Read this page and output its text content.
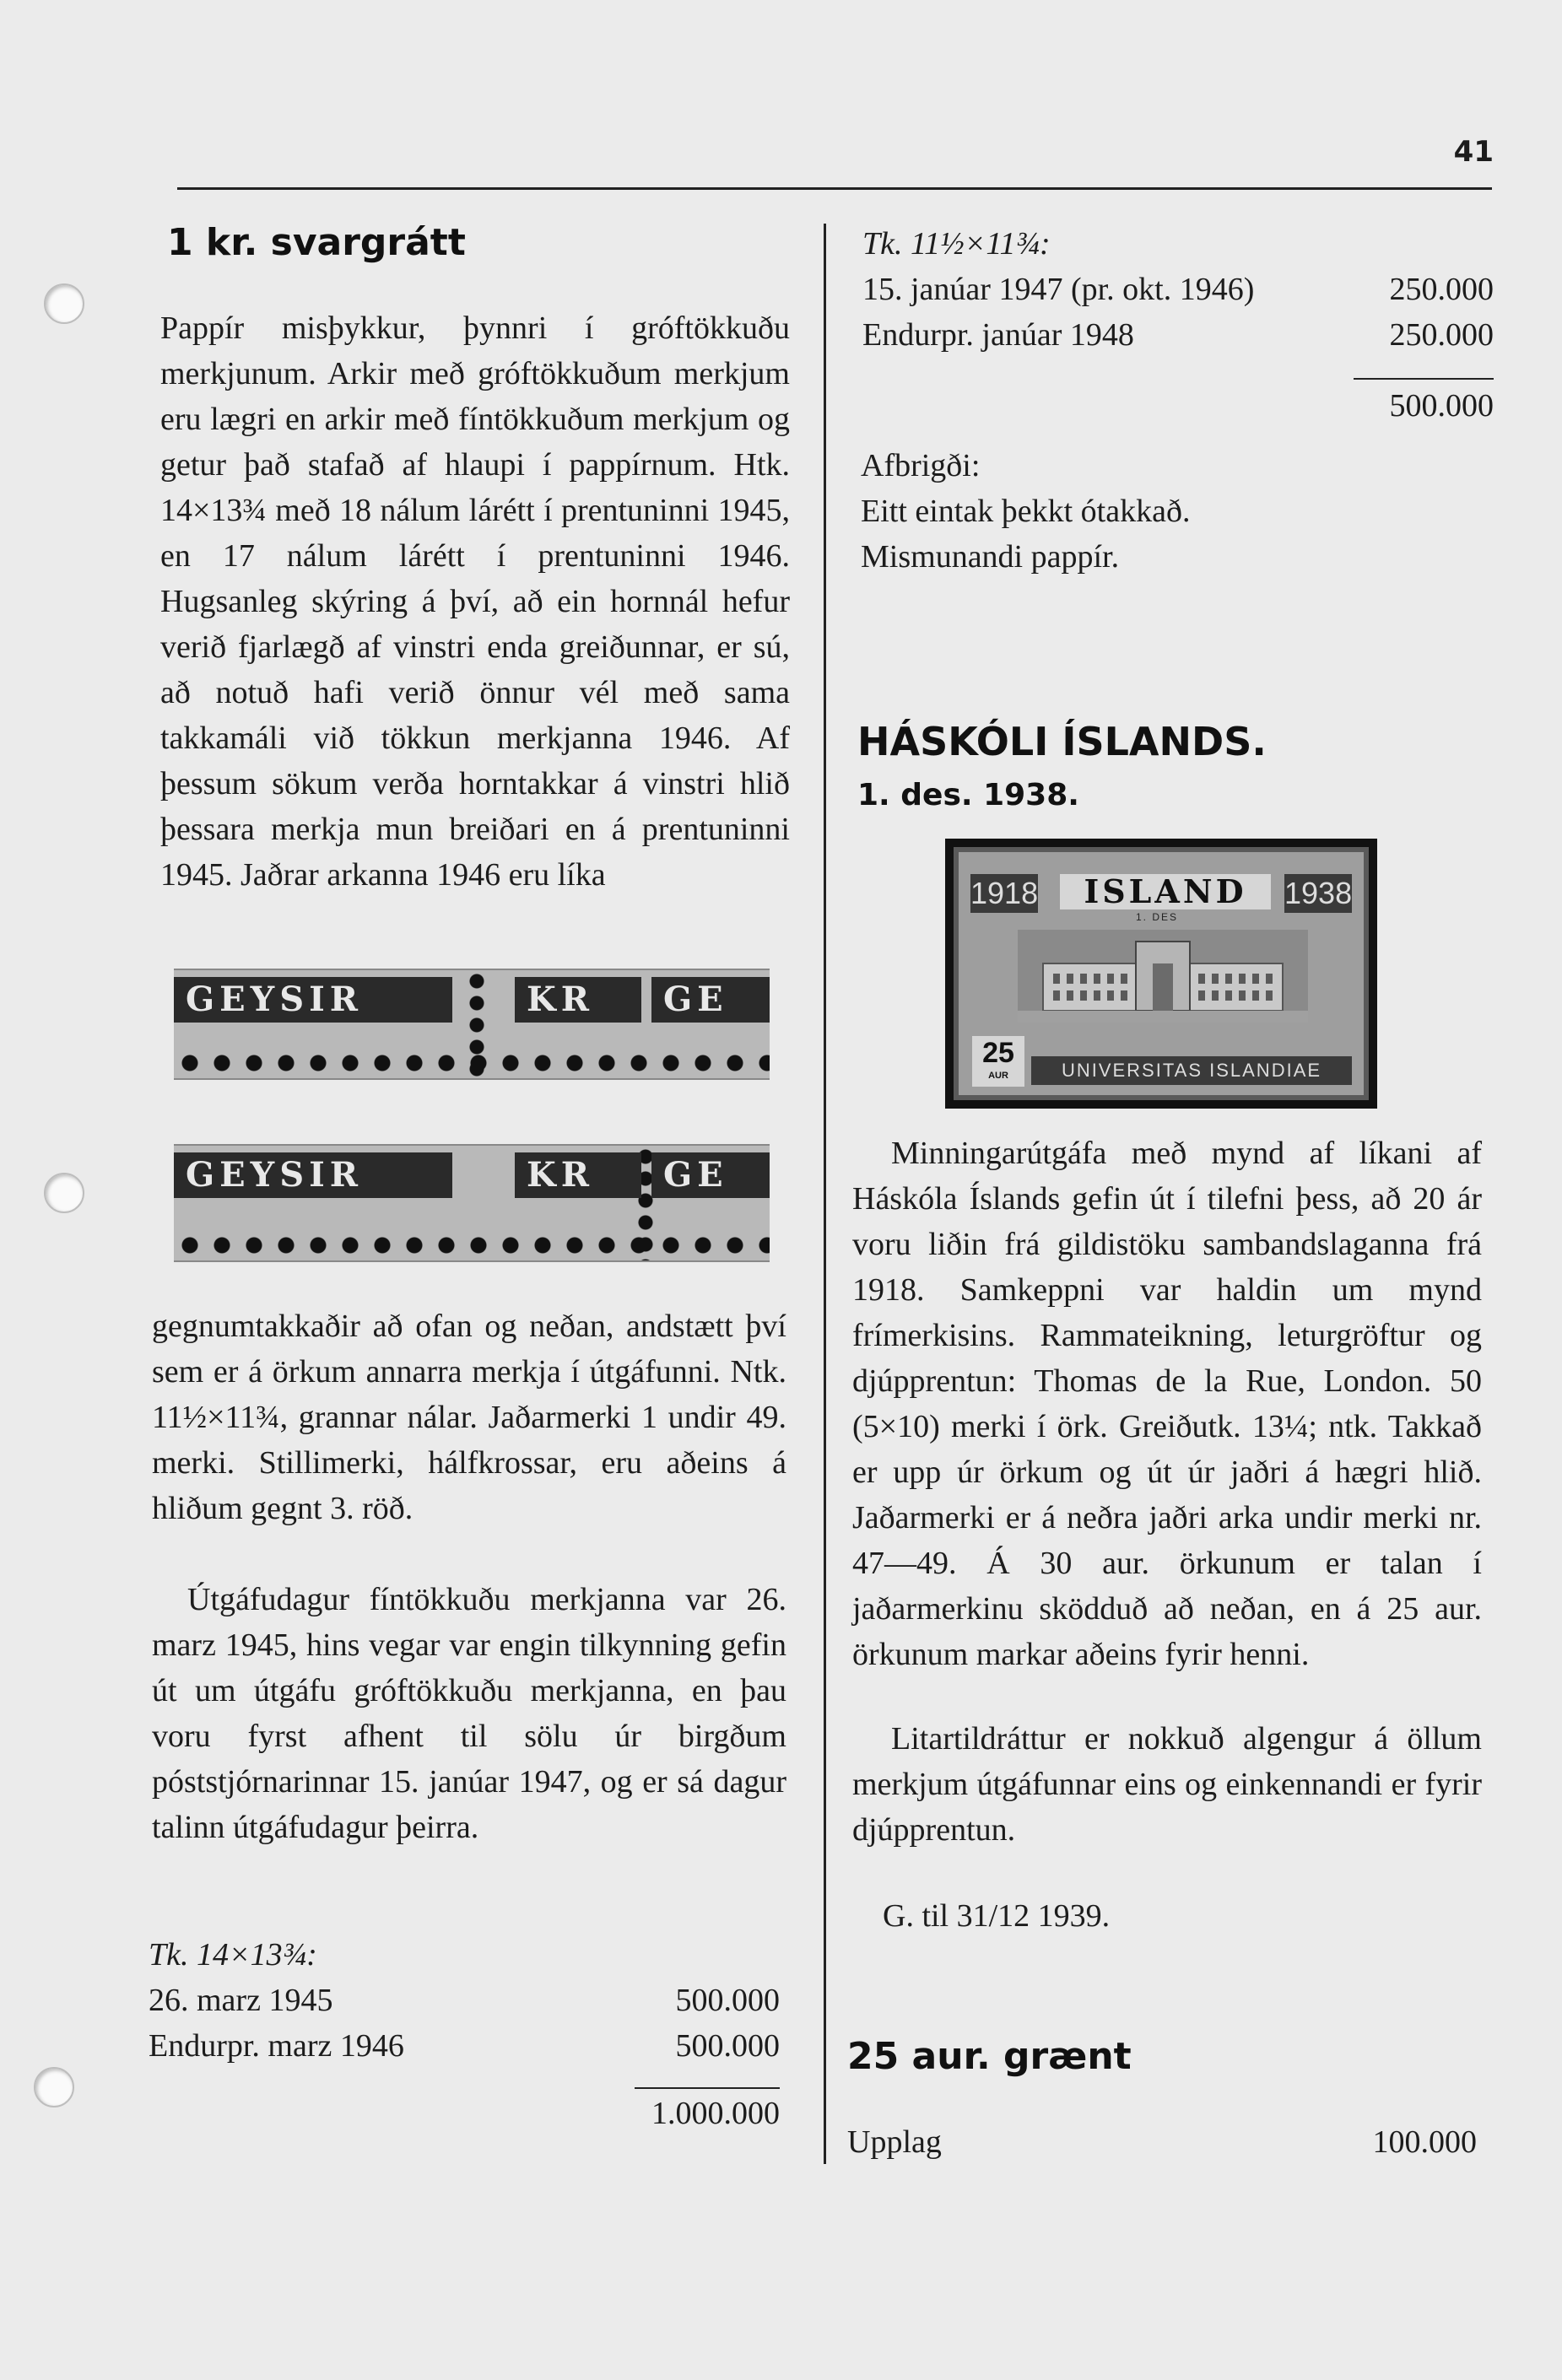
41
1 kr. svargrátt

Pappír misþykkur, þynnri í gróftökkuðu merkjunum. Arkir með gróftökkuðum merkjum eru lægri en arkir með fíntökkuðum merkjum og getur það stafað af hlaupi í pappírnum. Htk. 14×13¾ með 18 nálum lárétt í prentuninni 1945, en 17 nálum lárétt í prentuninni 1946. Hugsanleg skýring á því, að ein hornnál hefur verið fjarlægð af vinstri enda greiðunnar, er sú, að notuð hafi verið önnur vél með sama takkamáli við tökkun merkjanna 1946. Af þessum sökum verða horntakkar á vinstri hlið þessara merkja mun breiðari en á prentuninni 1945. Jaðrar arkanna 1946 eru líka

GEYSIR	KR	GE
GEYSIR	KR	GE

gegnumtakkaðir að ofan og neðan, andstætt því sem er á örkum annarra merkja í útgáfunni. Ntk. 11½×11¾, grannar nálar. Jaðarmerki 1 undir 49. merki. Stillimerki, hálfkrossar, eru aðeins á hliðum gegnt 3. röð.

Útgáfudagur fíntökkuðu merkjanna var 26. marz 1945, hins vegar var engin tilkynning gefin út um útgáfu gróftökkuðu merkjanna, en þau voru fyrst afhent til sölu úr birgðum póststjórnarinnar 15. janúar 1947, og er sá dagur talinn útgáfudagur þeirra.

Tk. 14×13¾:
26. marz 1945	500.000
Endurpr. marz 1946	500.000
1.000.000
Tk. 11½×11¾:
15. janúar 1947 (pr. okt. 1946)	250.000
Endurpr. janúar 1948	250.000
500.000
Afbrigði:
Eitt eintak þekkt ótakkað.
Mismunandi pappír.
HÁSKÓLI ÍSLANDS.
1. des. 1938.
1918	ISLAND	1938
1. DES
25
AUR	UNIVERSITAS ISLANDIAE

Minningarútgáfa með mynd af líkani af Háskóla Íslands gefin út í tilefni þess, að 20 ár voru liðin frá gildistöku sambandslaganna frá 1918. Samkeppni var haldin um mynd frímerkisins. Rammateikning, leturgröftur og djúpprentun: Thomas de la Rue, London. 50 (5×10) merki í örk. Greiðutk. 13¼; ntk. Takkað er upp úr örkum og út úr jaðri á hægri hlið. Jaðarmerki er á neðra jaðri arka undir merki nr. 47—49. Á 30 aur. örkunum er talan í jaðarmerkinu sködduð að neðan, en á 25 aur. örkunum markar aðeins fyrir henni.

Litartildráttur er nokkuð algengur á öllum merkjum útgáfunnar eins og einkennandi er fyrir djúpprentun.

G. til 31/12 1939.
25 aur. grænt
Upplag	100.000
